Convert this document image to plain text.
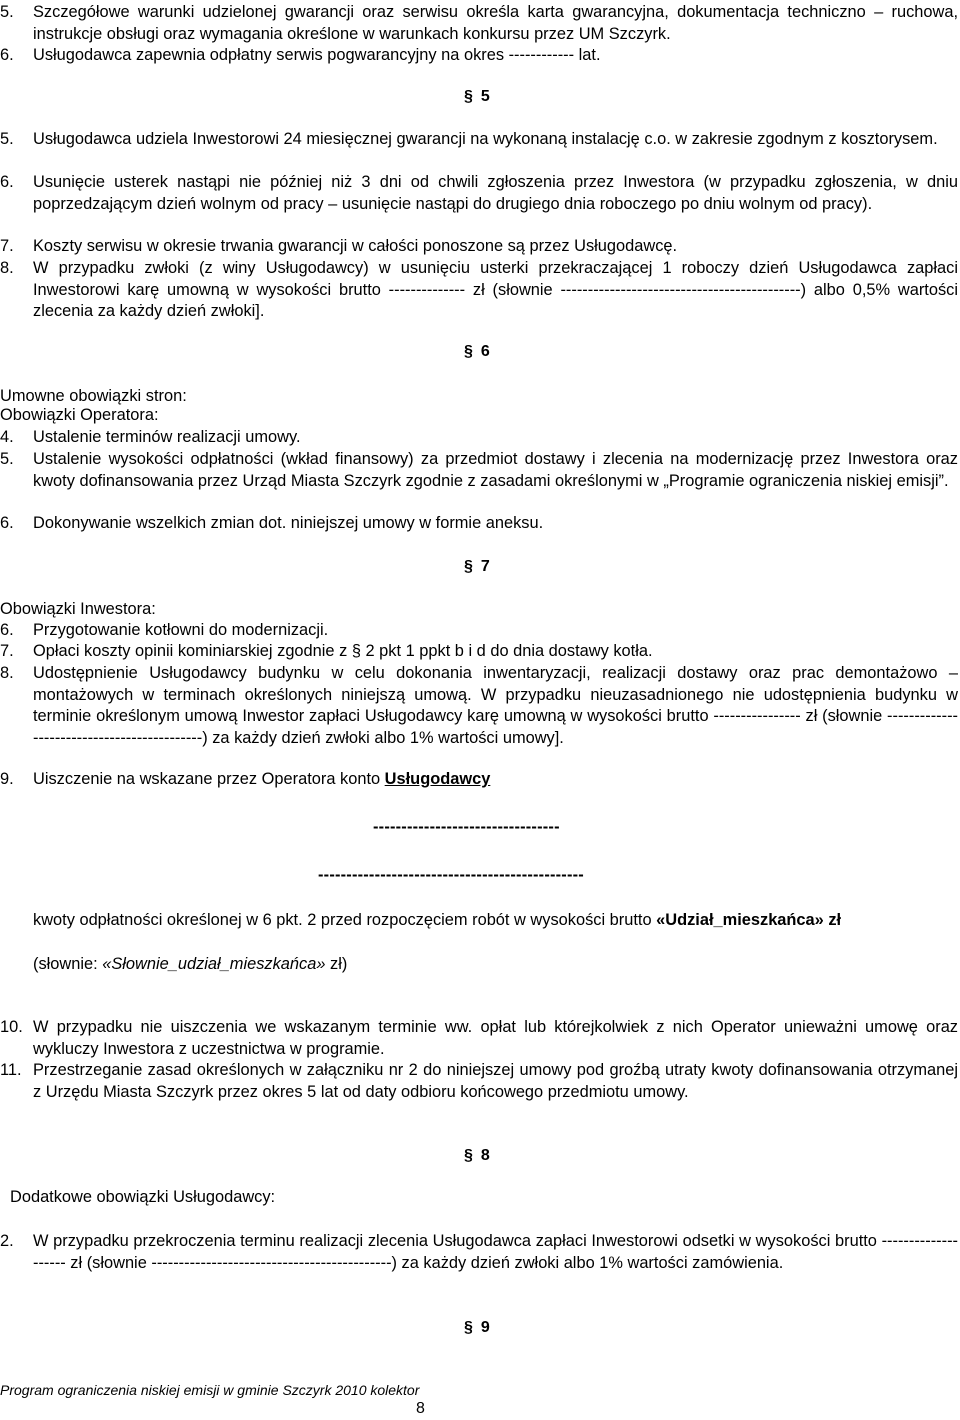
5. Szczegółowe warunki udzielonej gwarancji oraz serwisu określa karta gwarancyjna, dokumentacja techniczno – ruchowa, instrukcje obsługi oraz wymagania określone w warunkach konkursu przez UM Szczyrk.
6. Usługodawca zapewnia odpłatny serwis pogwarancyjny na okres ------------ lat.
§ 5
5. Usługodawca udziela Inwestorowi 24 miesięcznej gwarancji na wykonaną instalację c.o. w zakresie zgodnym z kosztorysem.
6. Usunięcie usterek nastąpi nie później niż 3 dni od chwili zgłoszenia przez Inwestora (w przypadku zgłoszenia, w dniu poprzedzającym dzień wolnym od pracy – usunięcie nastąpi do drugiego dnia roboczego po dniu wolnym od pracy).
7. Koszty serwisu w okresie trwania gwarancji w całości ponoszone są przez Usługodawcę.
8. W przypadku zwłoki (z winy Usługodawcy) w usunięciu usterki przekraczającej 1 roboczy dzień Usługodawca zapłaci Inwestorowi karę umowną w wysokości brutto -------------- zł (słownie --------------------------------------------) albo 0,5% wartości zlecenia za każdy dzień zwłoki].
§ 6
Umowne obowiązki stron:
Obowiązki Operatora:
4. Ustalenie terminów realizacji umowy.
5. Ustalenie wysokości odpłatności (wkład finansowy) za przedmiot dostawy i zlecenia na modernizację przez Inwestora oraz kwoty dofinansowania przez Urząd Miasta Szczyrk zgodnie z zasadami określonymi w „Programie ograniczenia niskiej emisji”.
6. Dokonywanie wszelkich zmian dot. niniejszej umowy w formie aneksu.
§ 7
Obowiązki Inwestora:
6. Przygotowanie kotłowni do modernizacji.
7. Opłaci koszty opinii kominiarskiej zgodnie z § 2 pkt 1 ppkt b i d do dnia dostawy kotła.
8. Udostępnienie Usługodawcy budynku w celu dokonania inwentaryzacji, realizacji dostawy oraz prac demontażowo – montażowych w terminach określonych niniejszą umową. W przypadku nieuzasadnionego nie udostępnienia budynku w terminie określonym umową Inwestor zapłaci Usługodawcy karę umowną w wysokości brutto ---------------- zł (słownie --------------------------------------------) za każdy dzień zwłoki albo 1% wartości umowy].
9. Uiszczenie na wskazane przez Operatora konto Usługodawcy
---------------------------------
-----------------------------------------------
kwoty odpłatności określonej w 6 pkt. 2 przed rozpoczęciem robót w wysokości brutto «Udział_mieszkańca» zł
(słownie: «Słownie_udział_mieszkańca» zł)
10. W przypadku nie uiszczenia we wskazanym terminie ww. opłat lub którejkolwiek z nich Operator unieważni umowę oraz wykluczy Inwestora z uczestnictwa w programie.
11. Przestrzeganie zasad określonych w załączniku nr 2 do niniejszej umowy pod groźbą utraty kwoty dofinansowania otrzymanej z Urzędu Miasta Szczyrk przez okres 5 lat od daty odbioru końcowego przedmiotu umowy.
§ 8
Dodatkowe obowiązki Usługodawcy:
2. W przypadku przekroczenia terminu realizacji zlecenia Usługodawca zapłaci Inwestorowi odsetki w wysokości brutto -------------------- zł (słownie --------------------------------------------) za każdy dzień zwłoki albo 1% wartości zamówienia.
§ 9
Program ograniczenia niskiej emisji w gminie Szczyrk 2010 kolektor
8
